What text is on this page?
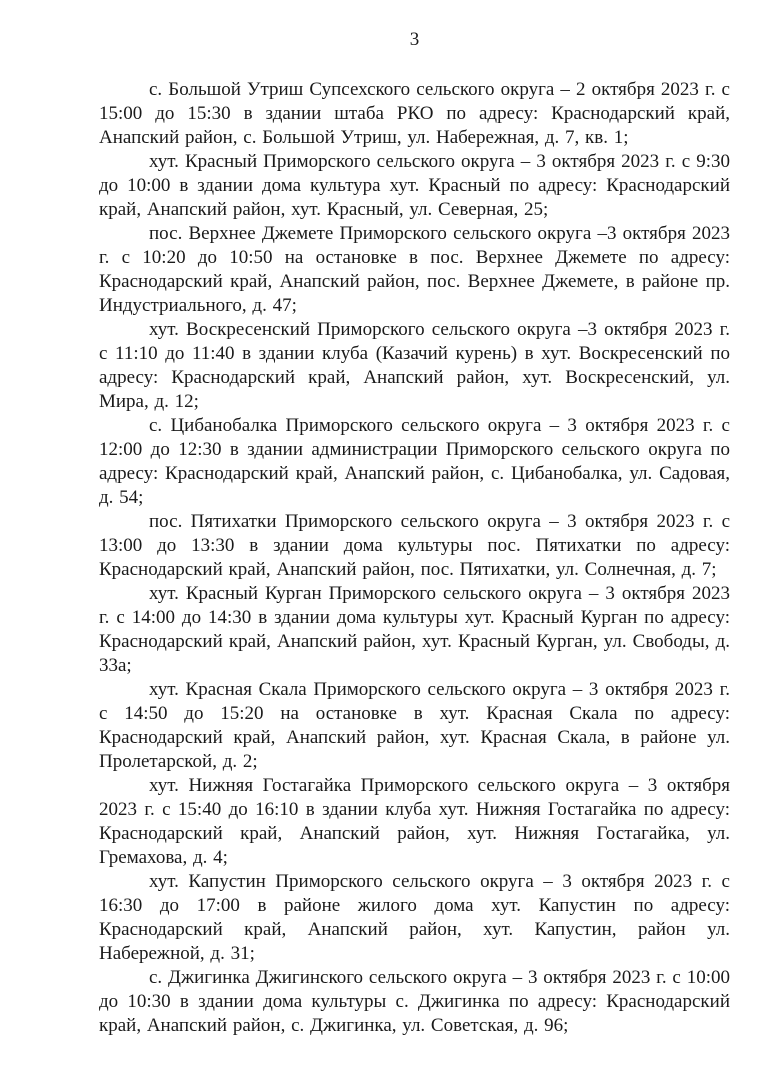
3

с. Большой Утриш Супсехского сельского округа – 2 октября 2023 г. с 15:00 до 15:30 в здании штаба РКО по адресу: Краснодарский край, Анапский район, с. Большой Утриш, ул. Набережная, д. 7, кв. 1;

хут. Красный Приморского сельского округа – 3 октября 2023 г. с 9:30 до 10:00 в здании дома культура хут. Красный по адресу: Краснодарский край, Анапский район, хут. Красный, ул. Северная, 25;

пос. Верхнее Джемете Приморского сельского округа –3 октября 2023 г. с 10:20 до 10:50 на остановке в пос. Верхнее Джемете по адресу: Краснодарский край, Анапский район, пос. Верхнее Джемете, в районе пр. Индустриального, д. 47;

хут. Воскресенский Приморского сельского округа –3 октября 2023 г. с 11:10 до 11:40 в здании клуба (Казачий курень) в хут. Воскресенский по адресу: Краснодарский край, Анапский район, хут. Воскресенский, ул. Мира, д. 12;

с. Цибанобалка Приморского сельского округа – 3 октября 2023 г. с 12:00 до 12:30 в здании администрации Приморского сельского округа по адресу: Краснодарский край, Анапский район, с. Цибанобалка, ул. Садовая, д. 54;

пос. Пятихатки Приморского сельского округа – 3 октября 2023 г. с 13:00 до 13:30 в здании дома культуры пос. Пятихатки по адресу: Краснодарский край, Анапский район, пос. Пятихатки, ул. Солнечная, д. 7;

хут. Красный Курган Приморского сельского округа – 3 октября 2023 г. с 14:00 до 14:30 в здании дома культуры хут. Красный Курган по адресу: Краснодарский край, Анапский район, хут. Красный Курган, ул. Свободы, д. 33а;

хут. Красная Скала Приморского сельского округа – 3 октября 2023 г. с 14:50 до 15:20 на остановке в хут. Красная Скала по адресу: Краснодарский край, Анапский район, хут. Красная Скала, в районе ул. Пролетарской, д. 2;

хут. Нижняя Гостагайка Приморского сельского округа – 3 октября 2023 г. с 15:40 до 16:10 в здании клуба хут. Нижняя Гостагайка по адресу: Краснодарский край, Анапский район, хут. Нижняя Гостагайка, ул. Гремахова, д. 4;

хут. Капустин Приморского сельского округа – 3 октября 2023 г. с 16:30 до 17:00 в районе жилого дома хут. Капустин по адресу: Краснодарский край, Анапский район, хут. Капустин, район ул. Набережной, д. 31;

с. Джигинка Джигинского сельского округа – 3 октября 2023 г. с 10:00 до 10:30 в здании дома культуры с. Джигинка по адресу: Краснодарский край, Анапский район, с. Джигинка, ул. Советская, д. 96;
